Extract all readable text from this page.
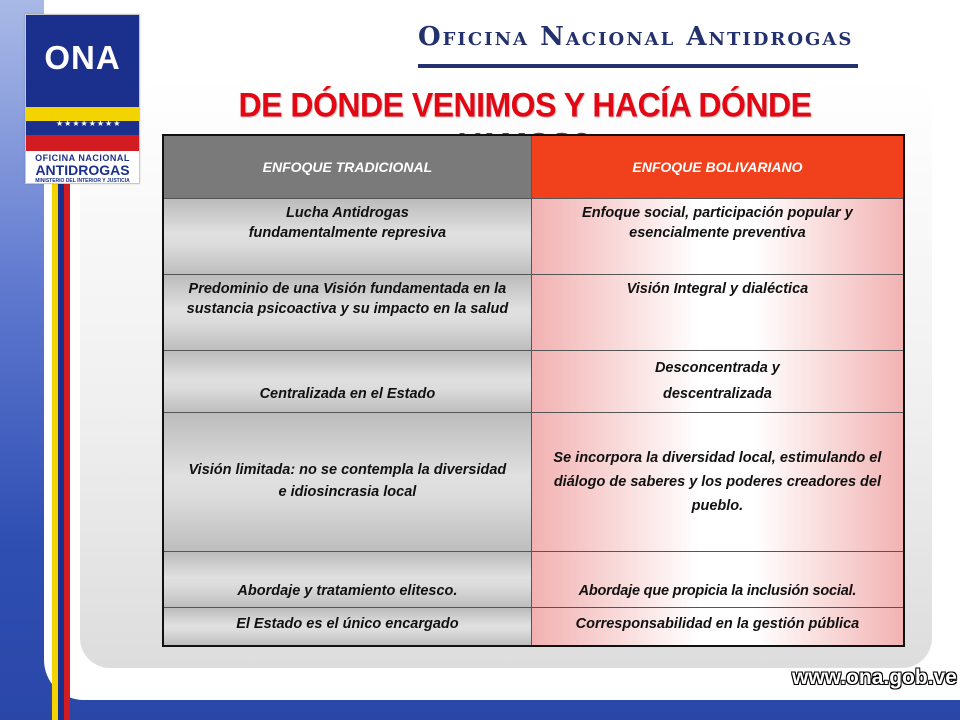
ONA
★★★★★★★★
OFICINA NACIONAL
ANTIDROGAS
MINISTERIO DEL INTERIOR Y JUSTICIA
Oficina Nacional Antidrogas
DE DÓNDE VENIMOS Y HACÍA DÓNDE
ENFOQUE TRADICIONAL	ENFOQUE BOLIVARIANO

Lucha Antidrogas
fundamentalmente represiva	Enfoque social, participación popular y esencialmente preventiva

Predominio de una Visión fundamentada en la sustancia psicoactiva y su impacto en la salud	Visión Integral y dialéctica

Centralizada en el Estado	Desconcentrada y
descentralizada

Visión limitada: no se contempla la diversidad
e idiosincrasia local	Se incorpora la diversidad local, estimulando el diálogo de saberes y los poderes creadores del pueblo.

Abordaje y tratamiento elitesco.	Abordaje que propicia la inclusión social.

El Estado es el único encargado	Corresponsabilidad en la gestión pública
www.ona.gob.ve
